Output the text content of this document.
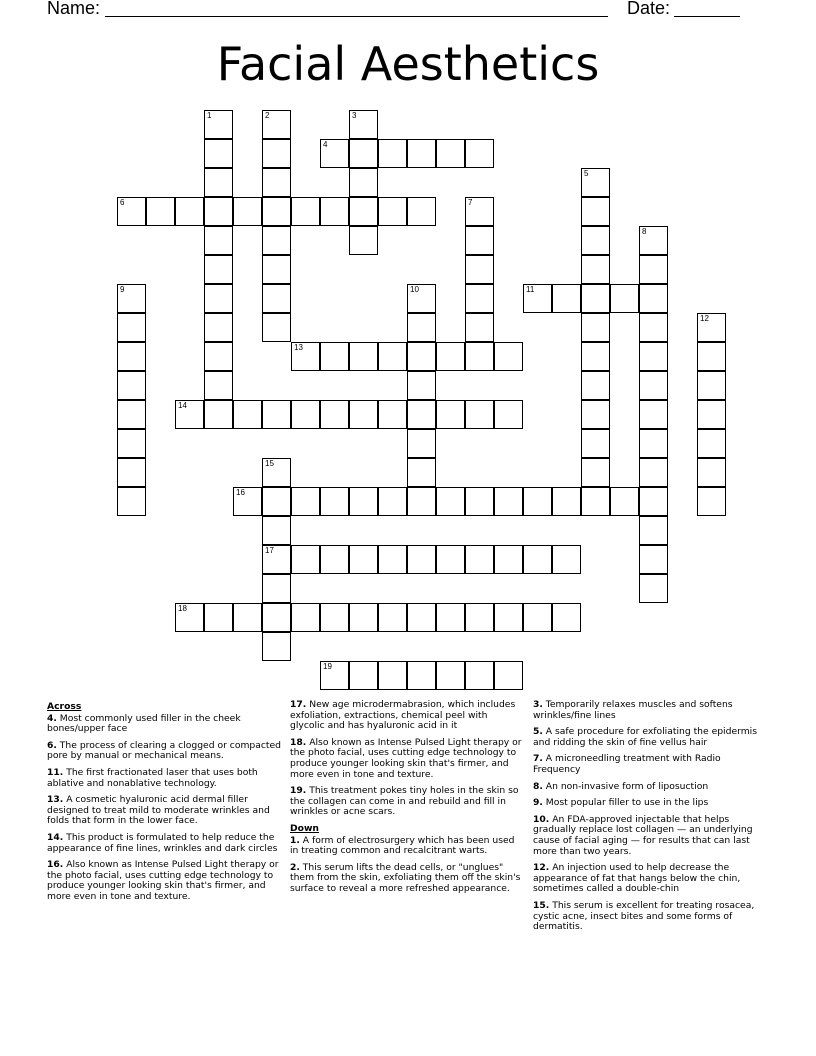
Name:	Date:
Facial Aesthetics
1	2	3
4
5
6	7
8
9	10	11
12
13
14
15
17
16
18
19
Across
4. Most commonly used filler in the cheek bones/upper face
6. The process of clearing a clogged or compacted pore by manual or mechanical means.
11. The first fractionated laser that uses both ablative and nonablative technology.
13. A cosmetic hyaluronic acid dermal filler designed to treat mild to moderate wrinkles and folds that form in the lower face.
14. This product is formulated to help reduce the appearance of fine lines, wrinkles and dark circles
16. Also known as Intense Pulsed Light therapy or the photo facial, uses cutting edge technology to produce younger looking skin that's firmer, and more even in tone and texture.
17. New age microdermabrasion, which includes exfoliation, extractions, chemical peel with glycolic and has hyaluronic acid in it
18. Also known as Intense Pulsed Light therapy or the photo facial, uses cutting edge technology to produce younger looking skin that's firmer, and more even in tone and texture.
19. This treatment pokes tiny holes in the skin so the collagen can come in and rebuild and fill in wrinkles or acne scars.
Down
1. A form of electrosurgery which has been used in treating common and recalcitrant warts.
2. This serum lifts the dead cells, or "unglues" them from the skin, exfoliating them off the skin's surface to reveal a more refreshed appearance.
3. Temporarily relaxes muscles and softens wrinkles/fine lines
5. A safe procedure for exfoliating the epidermis and ridding the skin of fine vellus hair
7. A microneedling treatment with Radio Frequency
8. An non-invasive form of liposuction
9. Most popular filler to use in the lips
10. An FDA-approved injectable that helps gradually replace lost collagen — an underlying cause of facial aging — for results that can last more than two years.
12. An injection used to help decrease the appearance of fat that hangs below the chin, sometimes called a double-chin
15. This serum is excellent for treating rosacea, cystic acne, insect bites and some forms of dermatitis.
